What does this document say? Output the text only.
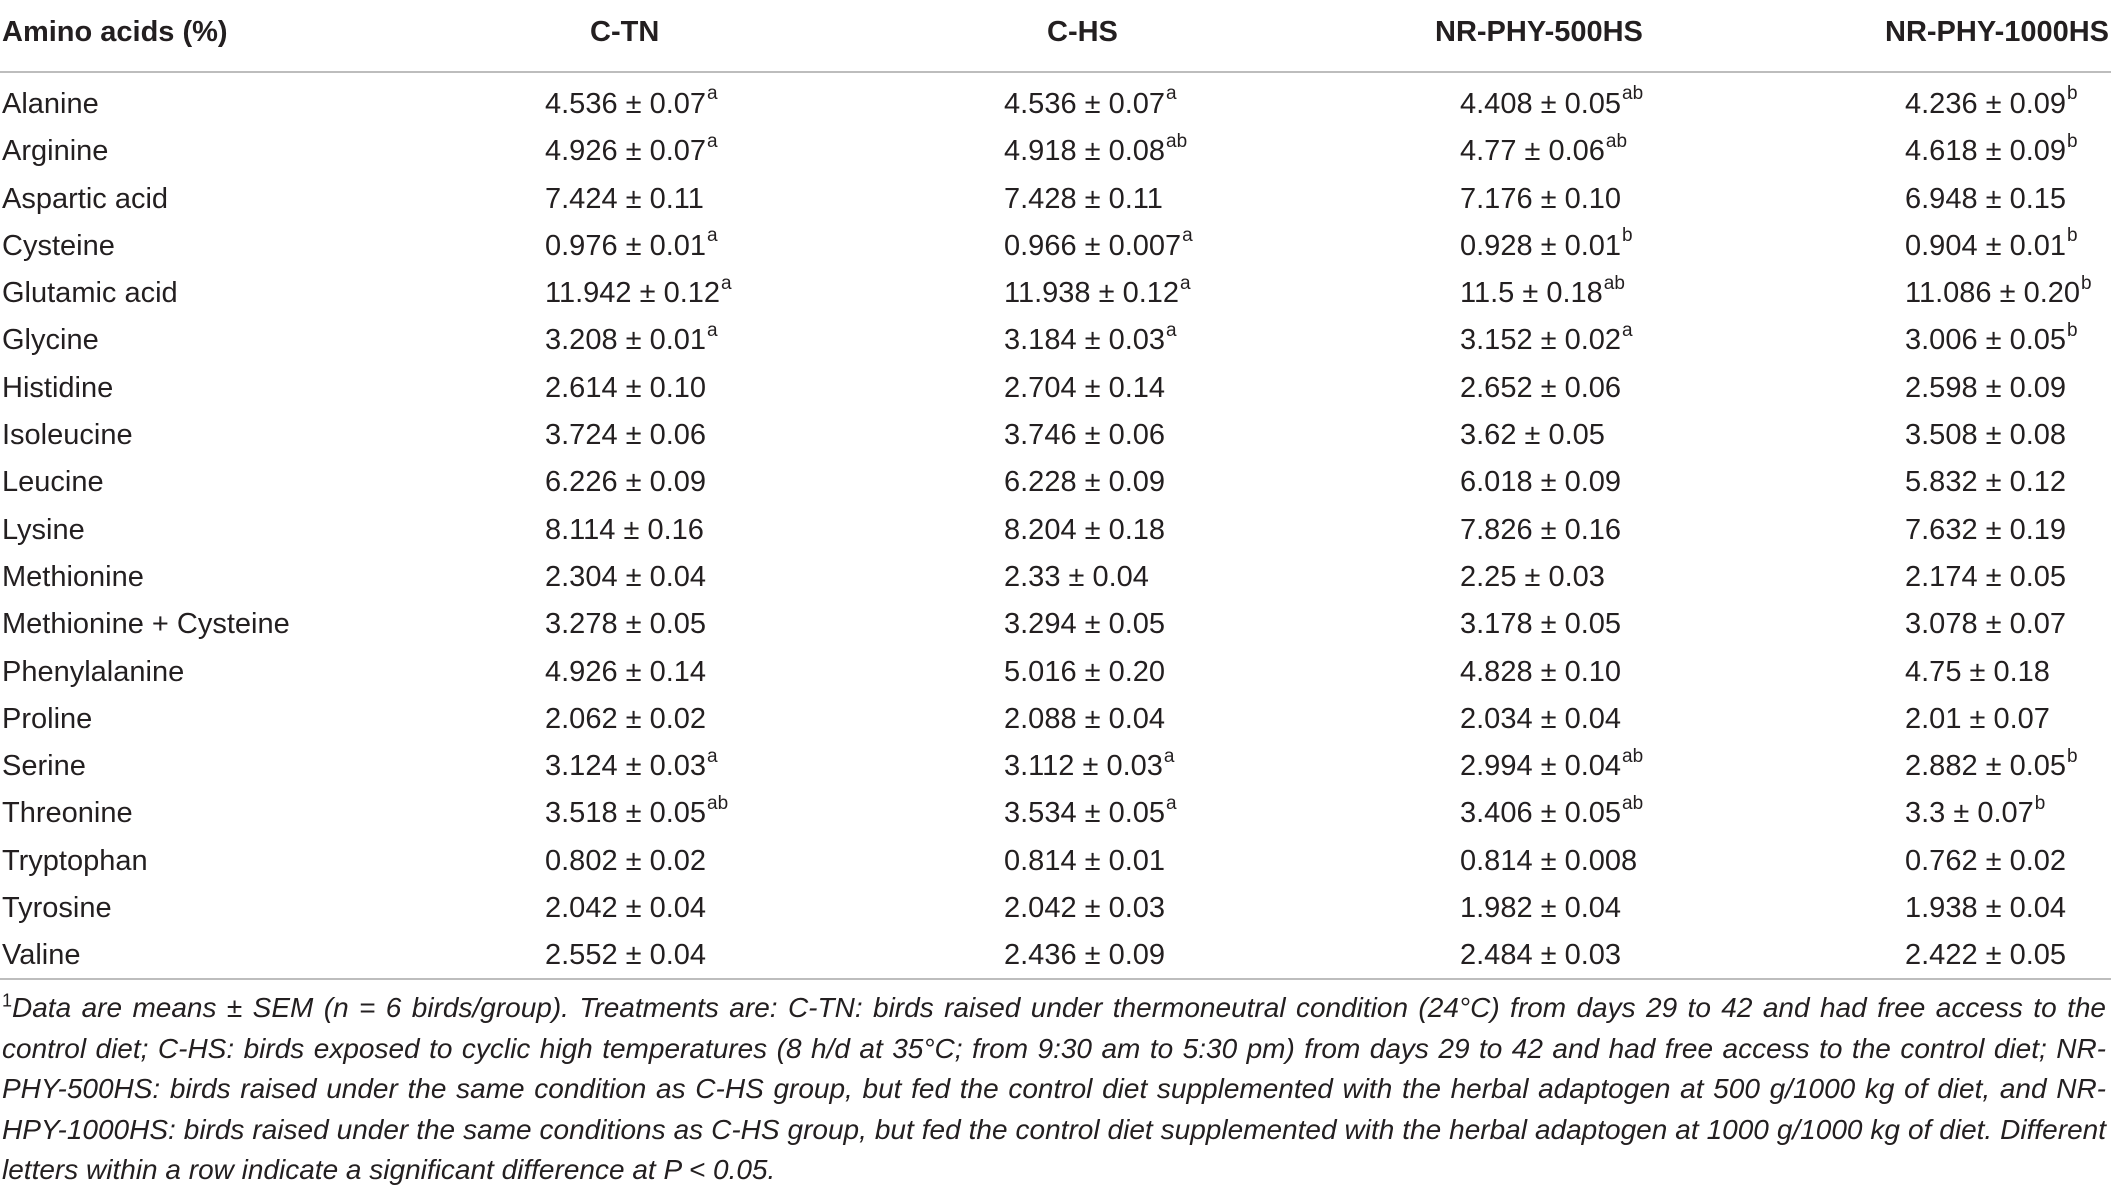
Amino acids (%)	C-TN	C-HS	NR-PHY-500HS	NR-PHY-1000HS
Alanine	4.536 ± 0.07$^a$	4.536 ± 0.07$^a$	4.408 ± 0.05$^{ab}$	4.236 ± 0.09$^b$
Arginine	4.926 ± 0.07$^a$	4.918 ± 0.08$^{ab}$	4.77 ± 0.06$^{ab}$	4.618 ± 0.09$^b$
Aspartic acid	7.424 ± 0.11	7.428 ± 0.11	7.176 ± 0.10	6.948 ± 0.15
Cysteine	0.976 ± 0.01$^a$	0.966 ± 0.007$^a$	0.928 ± 0.01$^b$	0.904 ± 0.01$^b$
Glutamic acid	11.942 ± 0.12$^a$	11.938 ± 0.12$^a$	11.5 ± 0.18$^{ab}$	11.086 ± 0.20$^b$
Glycine	3.208 ± 0.01$^a$	3.184 ± 0.03$^a$	3.152 ± 0.02$^a$	3.006 ± 0.05$^b$
Histidine	2.614 ± 0.10	2.704 ± 0.14	2.652 ± 0.06	2.598 ± 0.09
Isoleucine	3.724 ± 0.06	3.746 ± 0.06	3.62 ± 0.05	3.508 ± 0.08
Leucine	6.226 ± 0.09	6.228 ± 0.09	6.018 ± 0.09	5.832 ± 0.12
Lysine	8.114 ± 0.16	8.204 ± 0.18	7.826 ± 0.16	7.632 ± 0.19
Methionine	2.304 ± 0.04	2.33 ± 0.04	2.25 ± 0.03	2.174 ± 0.05
Methionine + Cysteine	3.278 ± 0.05	3.294 ± 0.05	3.178 ± 0.05	3.078 ± 0.07
Phenylalanine	4.926 ± 0.14	5.016 ± 0.20	4.828 ± 0.10	4.75 ± 0.18
Proline	2.062 ± 0.02	2.088 ± 0.04	2.034 ± 0.04	2.01 ± 0.07
Serine	3.124 ± 0.03$^a$	3.112 ± 0.03$^a$	2.994 ± 0.04$^{ab}$	2.882 ± 0.05$^b$
Threonine	3.518 ± 0.05$^{ab}$	3.534 ± 0.05$^a$	3.406 ± 0.05$^{ab}$	3.3 ± 0.07$^b$
Tryptophan	0.802 ± 0.02	0.814 ± 0.01	0.814 ± 0.008	0.762 ± 0.02
Tyrosine	2.042 ± 0.04	2.042 ± 0.03	1.982 ± 0.04	1.938 ± 0.04
Valine	2.552 ± 0.04	2.436 ± 0.09	2.484 ± 0.03	2.422 ± 0.05
$^1$Data are means ± SEM (n = 6 birds/group). Treatments are: C-TN: birds raised under thermoneutral condition (24°C) from days 29 to 42 and had free access to the control diet; C-HS: birds exposed to cyclic high temperatures (8 h/d at 35°C; from 9:30 am to 5:30 pm) from days 29 to 42 and had free access to the control diet; NR-PHY-500HS: birds raised under the same condition as C-HS group, but fed the control diet supplemented with the herbal adaptogen at 500 g/1000 kg of diet, and NR-HPY-1000HS: birds raised under the same conditions as C-HS group, but fed the control diet supplemented with the herbal adaptogen at 1000 g/1000 kg of diet. Different letters within a row indicate a significant difference at P < 0.05.
